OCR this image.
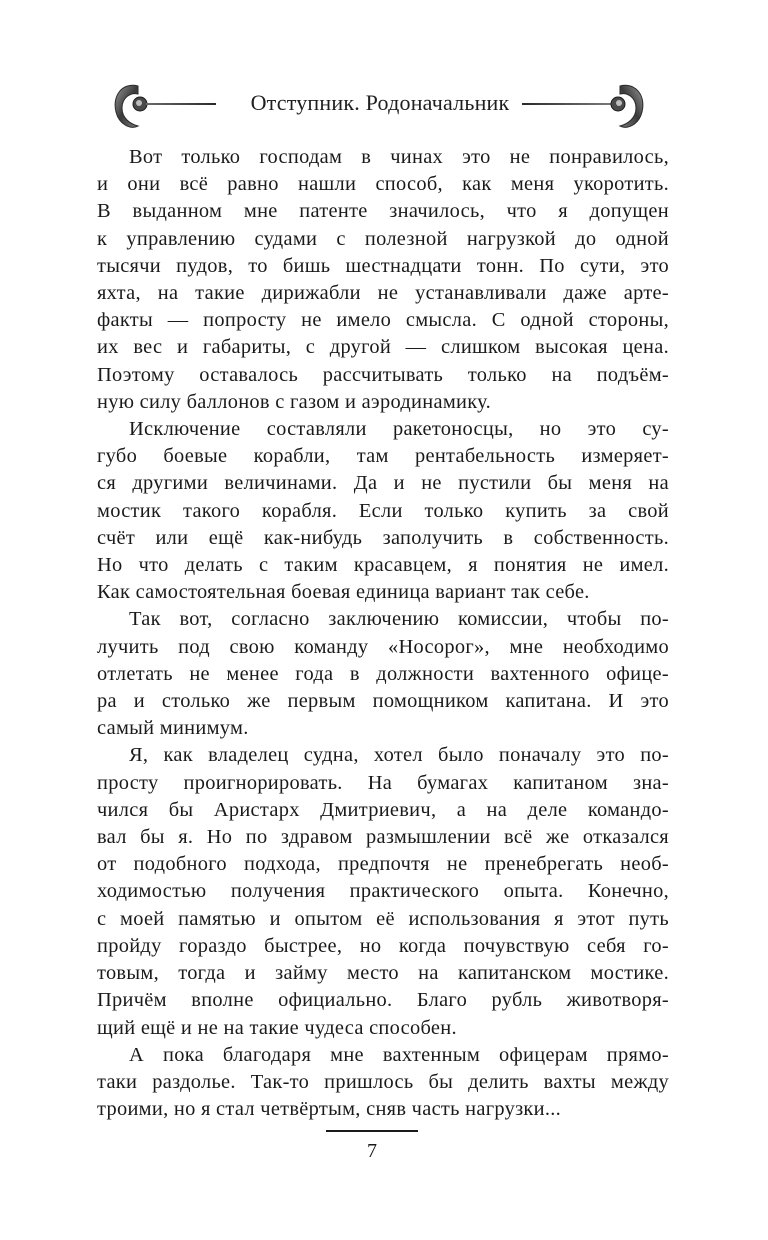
Отступник. Родоначальник

Вот только господам в чинах это не понравилось,
и они всё равно нашли способ, как меня укоротить.
В выданном мне патенте значилось, что я допущен
к управлению судами с полезной нагрузкой до одной
тысячи пудов, то бишь шестнадцати тонн. По сути, это
яхта, на такие дирижабли не устанавливали даже арте-
факты — попросту не имело смысла. С одной стороны,
их вес и габариты, с другой — слишком высокая цена.
Поэтому оставалось рассчитывать только на подъём-
ную силу баллонов с газом и аэродинамику.

Исключение составляли ракетоносцы, но это су-
губо боевые корабли, там рентабельность измеряет-
ся другими величинами. Да и не пустили бы меня на
мостик такого корабля. Если только купить за свой
счёт или ещё как-нибудь заполучить в собственность.
Но что делать с таким красавцем, я понятия не имел.
Как самостоятельная боевая единица вариант так себе.

Так вот, согласно заключению комиссии, чтобы по-
лучить под свою команду «Носорог», мне необходимо
отлетать не менее года в должности вахтенного офице-
ра и столько же первым помощником капитана. И это
самый минимум.

Я, как владелец судна, хотел было поначалу это по-
просту проигнорировать. На бумагах капитаном зна-
чился бы Аристарх Дмитриевич, а на деле командо-
вал бы я. Но по здравом размышлении всё же отказался
от подобного подхода, предпочтя не пренебрегать необ-
ходимостью получения практического опыта. Конечно,
с моей памятью и опытом её использования я этот путь
пройду гораздо быстрее, но когда почувствую себя го-
товым, тогда и займу место на капитанском мостике.
Причём вполне официально. Благо рубль животворя-
щий ещё и не на такие чудеса способен.

А пока благодаря мне вахтенным офицерам прямо-
таки раздолье. Так-то пришлось бы делить вахты между
троими, но я стал четвёртым, сняв часть нагрузки...

7
